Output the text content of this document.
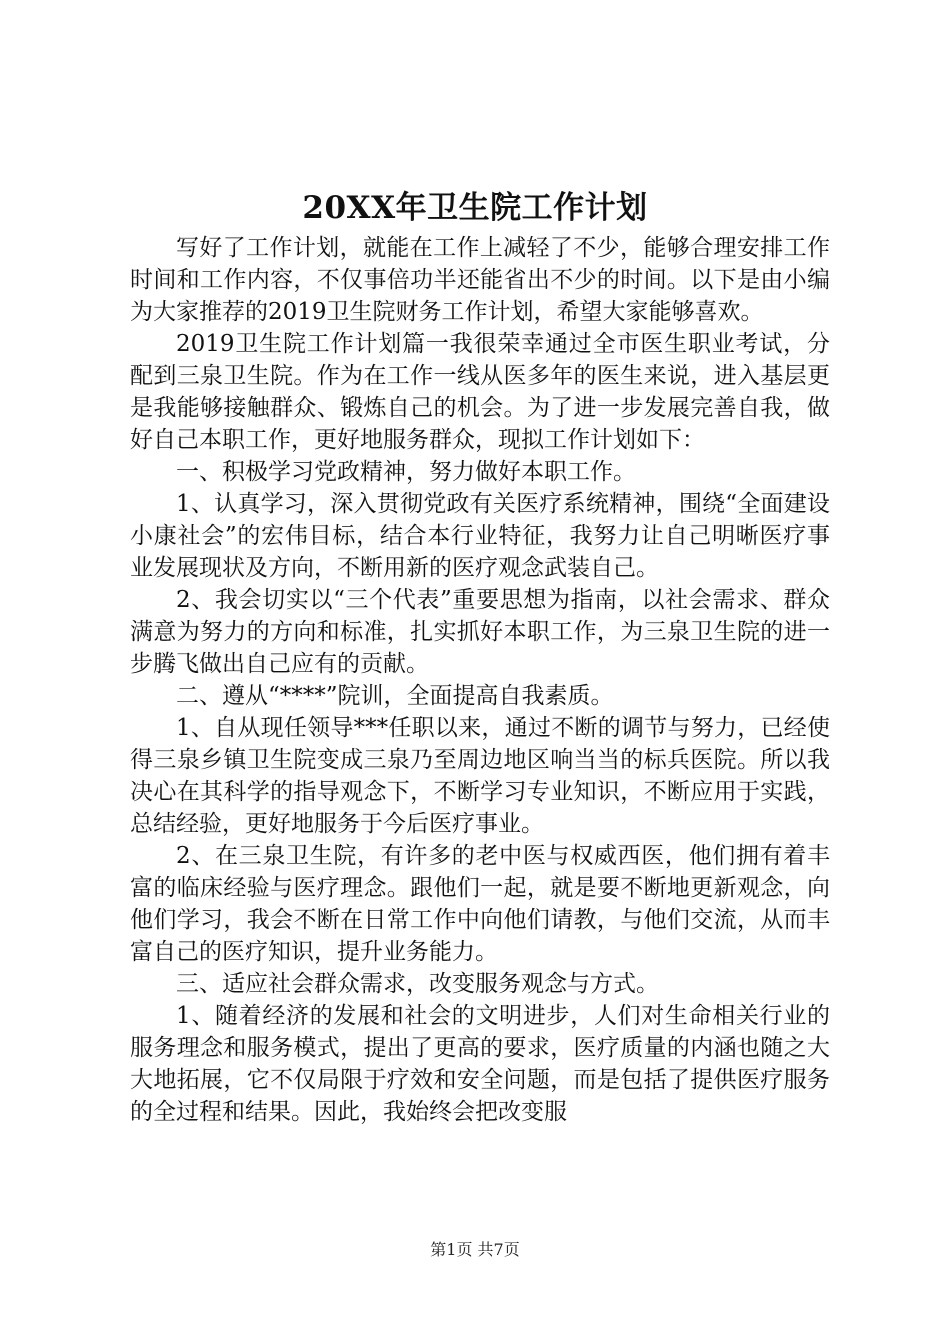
20XX年卫生院工作计划

写好了工作计划，就能在工作上减轻了不少，能够合理安排工作时间和工作内容，不仅事倍功半还能省出不少的时间。以下是由小编为大家推荐的2019卫生院财务工作计划，希望大家能够喜欢。

2019卫生院工作计划篇一我很荣幸通过全市医生职业考试，分配到三泉卫生院。作为在工作一线从医多年的医生来说，进入基层更是我能够接触群众、锻炼自己的机会。为了进一步发展完善自我，做好自己本职工作，更好地服务群众，现拟工作计划如下：

一、积极学习党政精神，努力做好本职工作。

1、认真学习，深入贯彻党政有关医疗系统精神，围绕“全面建设小康社会”的宏伟目标，结合本行业特征，我努力让自己明晰医疗事业发展现状及方向，不断用新的医疗观念武装自己。

2、我会切实以“三个代表”重要思想为指南，以社会需求、群众满意为努力的方向和标准，扎实抓好本职工作，为三泉卫生院的进一步腾飞做出自己应有的贡献。

二、遵从“****”院训，全面提高自我素质。

1、自从现任领导***任职以来，通过不断的调节与努力，已经使得三泉乡镇卫生院变成三泉乃至周边地区响当当的标兵医院。所以我决心在其科学的指导观念下，不断学习专业知识，不断应用于实践，总结经验，更好地服务于今后医疗事业。

2、在三泉卫生院，有许多的老中医与权威西医，他们拥有着丰富的临床经验与医疗理念。跟他们一起，就是要不断地更新观念，向他们学习，我会不断在日常工作中向他们请教，与他们交流，从而丰富自己的医疗知识，提升业务能力。

三、适应社会群众需求，改变服务观念与方式。

1、随着经济的发展和社会的文明进步，人们对生命相关行业的服务理念和服务模式，提出了更高的要求，医疗质量的内涵也随之大大地拓展，它不仅局限于疗效和安全问题，而是包括了提供医疗服务的全过程和结果。因此，我始终会把改变服

第1页 共7页
